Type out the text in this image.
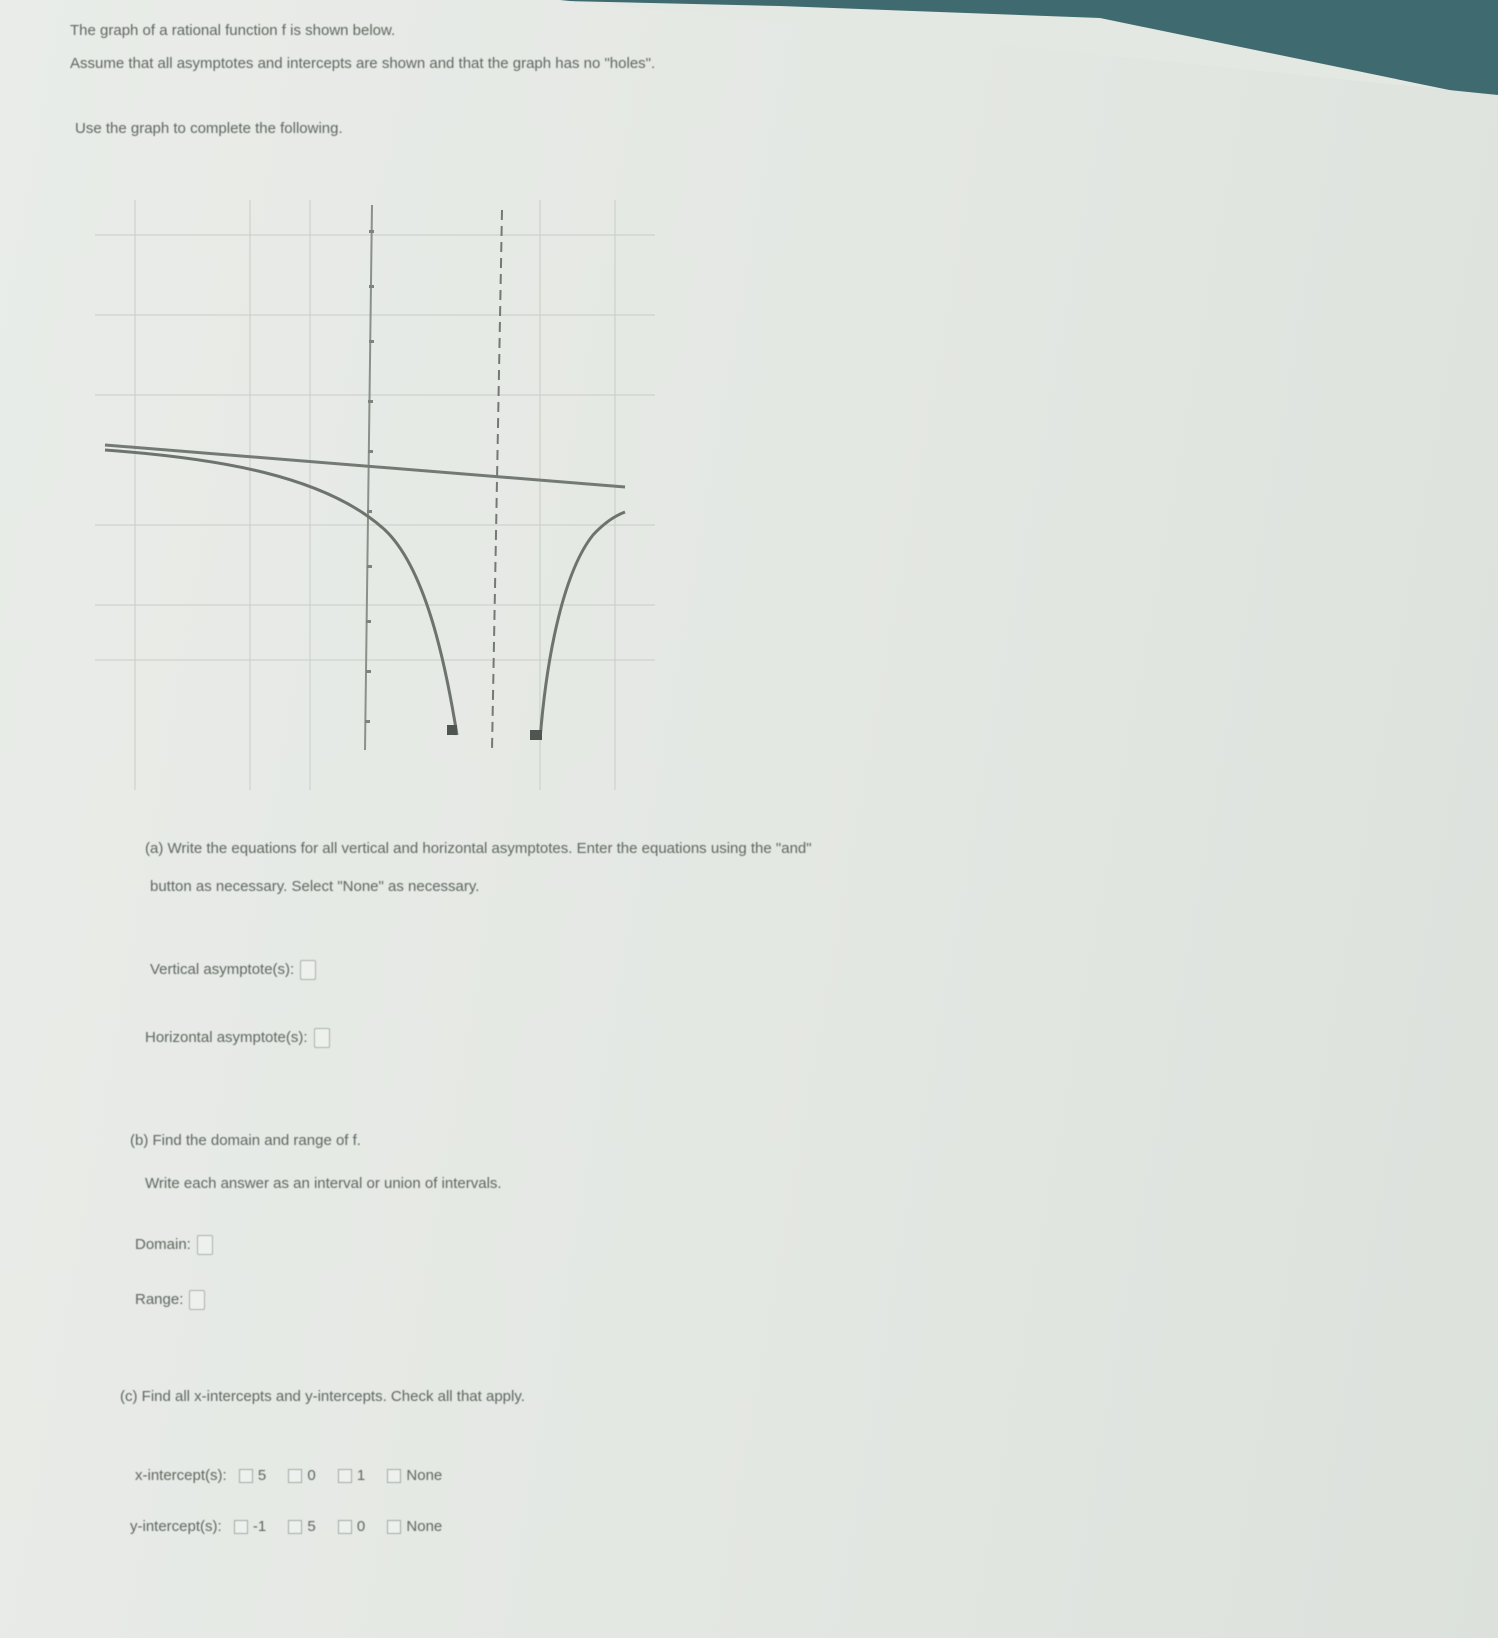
The graph of a rational function f is shown below.
Assume that all asymptotes and intercepts are shown and that the graph has no "holes".
Use the graph to complete the following.
(a) Write the equations for all vertical and horizontal asymptotes. Enter the equations using the "and"
button as necessary. Select "None" as necessary.
Vertical asymptote(s):
Horizontal asymptote(s):
(b) Find the domain and range of f.
Write each answer as an interval or union of intervals.
Domain:
Range:
(c) Find all x-intercepts and y-intercepts. Check all that apply.
x-intercept(s): 5	0	1	None
y-intercept(s): -1	5	0	None
